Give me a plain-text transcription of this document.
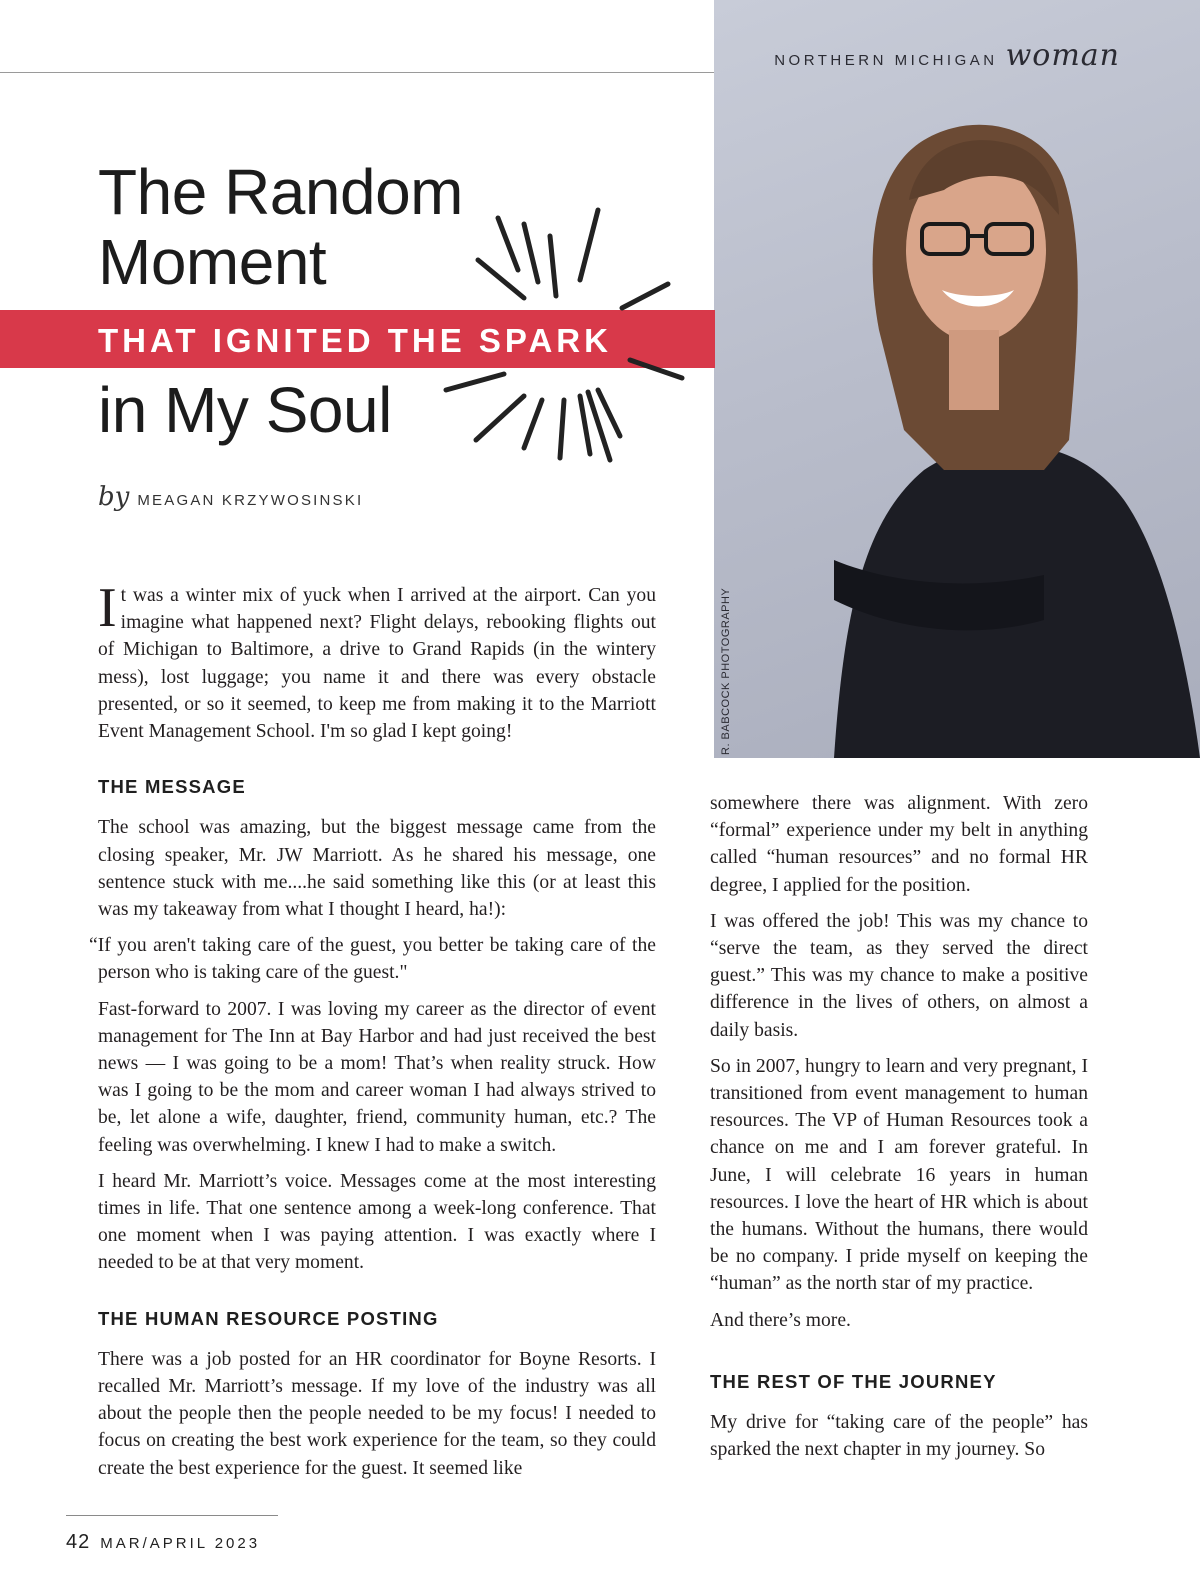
NORTHERN MICHIGAN woman
R. BABCOCK PHOTOGRAPHY
The Random
Moment
THAT IGNITED THE SPARK
in My Soul
by MEAGAN KRZYWOSINSKI

It was a winter mix of yuck when I arrived at the airport. Can you imagine what happened next? Flight delays, rebooking flights out of Michigan to Baltimore, a drive to Grand Rapids (in the wintery mess), lost luggage; you name it and there was every obstacle presented, or so it seemed, to keep me from making it to the Marriott Event Management School. I'm so glad I kept going!

THE MESSAGE

The school was amazing, but the biggest message came from the closing speaker, Mr. JW Marriott. As he shared his message, one sentence stuck with me....he said something like this (or at least this was my takeaway from what I thought I heard, ha!):

“If you aren't taking care of the guest, you better be taking care of the person who is taking care of the guest."

Fast-forward to 2007. I was loving my career as the director of event management for The Inn at Bay Harbor and had just received the best news — I was going to be a mom! That’s when reality struck. How was I going to be the mom and career woman I had always strived to be, let alone a wife, daughter, friend, community human, etc.? The feeling was overwhelming. I knew I had to make a switch.

I heard Mr. Marriott’s voice. Messages come at the most interesting times in life. That one sentence among a week-long conference. That one moment when I was paying attention. I was exactly where I needed to be at that very moment.

THE HUMAN RESOURCE POSTING

There was a job posted for an HR coordinator for Boyne Resorts. I recalled Mr. Marriott’s message. If my love of the industry was all about the people then the people needed to be my focus! I needed to focus on creating the best work experience for the team, so they could create the best experience for the guest. It seemed like

somewhere there was alignment. With zero “formal” experience under my belt in anything called “human resources” and no formal HR degree, I applied for the position.

I was offered the job! This was my chance to “serve the team, as they served the direct guest.” This was my chance to make a positive difference in the lives of others, on almost a daily basis.

So in 2007, hungry to learn and very pregnant, I transitioned from event management to human resources. The VP of Human Resources took a chance on me and I am forever grateful. In June, I will celebrate 16 years in human resources. I love the heart of HR which is about the humans. Without the humans, there would be no company. I pride myself on keeping the “human” as the north star of my practice.

And there’s more.

THE REST OF THE JOURNEY

My drive for “taking care of the people” has sparked the next chapter in my journey. So

42 MAR/APRIL 2023
